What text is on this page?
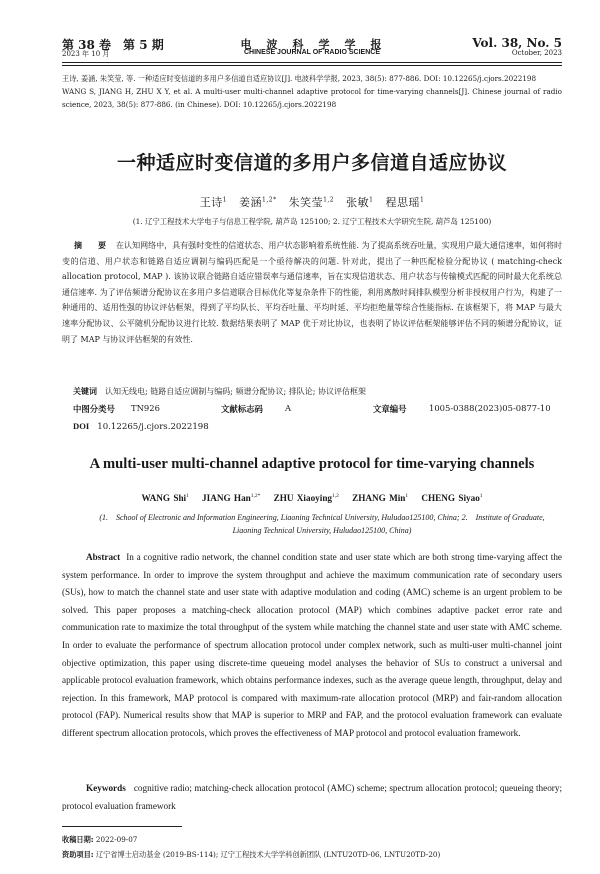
第 38 卷　第 5 期
2023 年 10 月
电　波　科　学　学　报
CHINESE JOURNAL OF RADIO SCIENCE
Vol. 38, No. 5
October, 2023

王诗, 姜涵, 朱笑莹, 等. 一种适应时变信道的多用户多信道自适应协议[J]. 电波科学学报, 2023, 38(5): 877-886. DOI: 10.12265/j.cjors.2022198

WANG S, JIANG H, ZHU X Y, et al. A multi-user multi-channel adaptive protocol for time-varying channels[J]. Chinese journal of radio science, 2023, 38(5): 877-886. (in Chinese). DOI: 10.12265/j.cjors.2022198

一种适应时变信道的多用户多信道自适应协议
王诗$^1$ 姜涵$^{1,2*}$ 朱笑莹$^{1,2}$ 张敏$^1$ 程思瑶$^1$
(1. 辽宁工程技术大学电子与信息工程学院, 葫芦岛 125100; 2. 辽宁工程技术大学研究生院, 葫芦岛 125100)
摘　要 在认知网络中，具有强时变性的信道状态、用户状态影响着系统性能. 为了提高系统吞吐量，实现用户最大通信速率，如何将时变的信道、用户状态和链路自适应调制与编码匹配是一个亟待解决的问题. 针对此，提出了一种匹配检验分配协议 ( matching-check allocation protocol, MAP ). 该协议联合链路自适应错误率与通信速率，旨在实现信道状态、用户状态与传输模式匹配的同时最大化系统总通信速率. 为了评估频谱分配协议在多用户多信道联合目标优化等复杂条件下的性能，利用离散时间排队模型分析非授权用户行为，构建了一种通用的、适用性强的协议评估框架，得到了平均队长、平均吞吐量、平均时延、平均拒绝量等综合性能指标. 在该框架下，将 MAP 与最大速率分配协议、公平随机分配协议进行比较. 数据结果表明了 MAP 优于对比协议，也表明了协议评估框架能够评估不同的频谱分配协议，证明了 MAP 与协议评估框架的有效性.
关键词 认知无线电; 链路自适应调制与编码; 频谱分配协议; 排队论; 协议评估框架
中图分类号 TN926	文献标志码	A	文章编号	1005-0388(2023)05-0877-10
DOI 10.12265/j.cjors.2022198
A multi-user multi-channel adaptive protocol for time-varying channels
WANG Shi$^1$ JIANG Han$^{1,2*}$ ZHU Xiaoying$^{1,2}$ ZHANG Min$^1$ CHENG Siyao$^1$
(1.　School of Electronic and Information Engineering, Liaoning Technical University, Huludao125100, China; 2.　Institute of Graduate, Liaoning Technical University, Huludao125100, China)
Abstract In a cognitive radio network, the channel condition state and user state which are both strong time-varying affect the system performance. In order to improve the system throughput and achieve the maximum communication rate of secondary users (SUs), how to match the channel state and user state with adaptive modulation and coding (AMC) scheme is an urgent problem to be solved. This paper proposes a matching-check allocation protocol (MAP) which combines adaptive packet error rate and communication rate to maximize the total throughput of the system while matching the channel state and user state with AMC scheme. In order to evaluate the performance of spectrum allocation protocol under complex network, such as multi-user multi-channel joint objective optimization, this paper using discrete-time queueing model analyses the behavior of SUs to construct a universal and applicable protocol evaluation framework, which obtains performance indexes, such as the average queue length, throughput, delay and rejection. In this framework, MAP protocol is compared with maximum-rate allocation protocol (MRP) and fair-random allocation protocol (FAP). Numerical results show that MAP is superior to MRP and FAP, and the protocol evaluation framework can evaluate different spectrum allocation protocols, which proves the effectiveness of MAP protocol and protocol evaluation framework.
Keywords cognitive radio; matching-check allocation protocol (AMC) scheme; spectrum allocation protocol; queueing theory; protocol evaluation framework
收稿日期: 2022-09-07
资助项目: 辽宁省博士启动基金 (2019-BS-114); 辽宁工程技术大学学科创新团队 (LNTU20TD-06, LNTU20TD-20)
